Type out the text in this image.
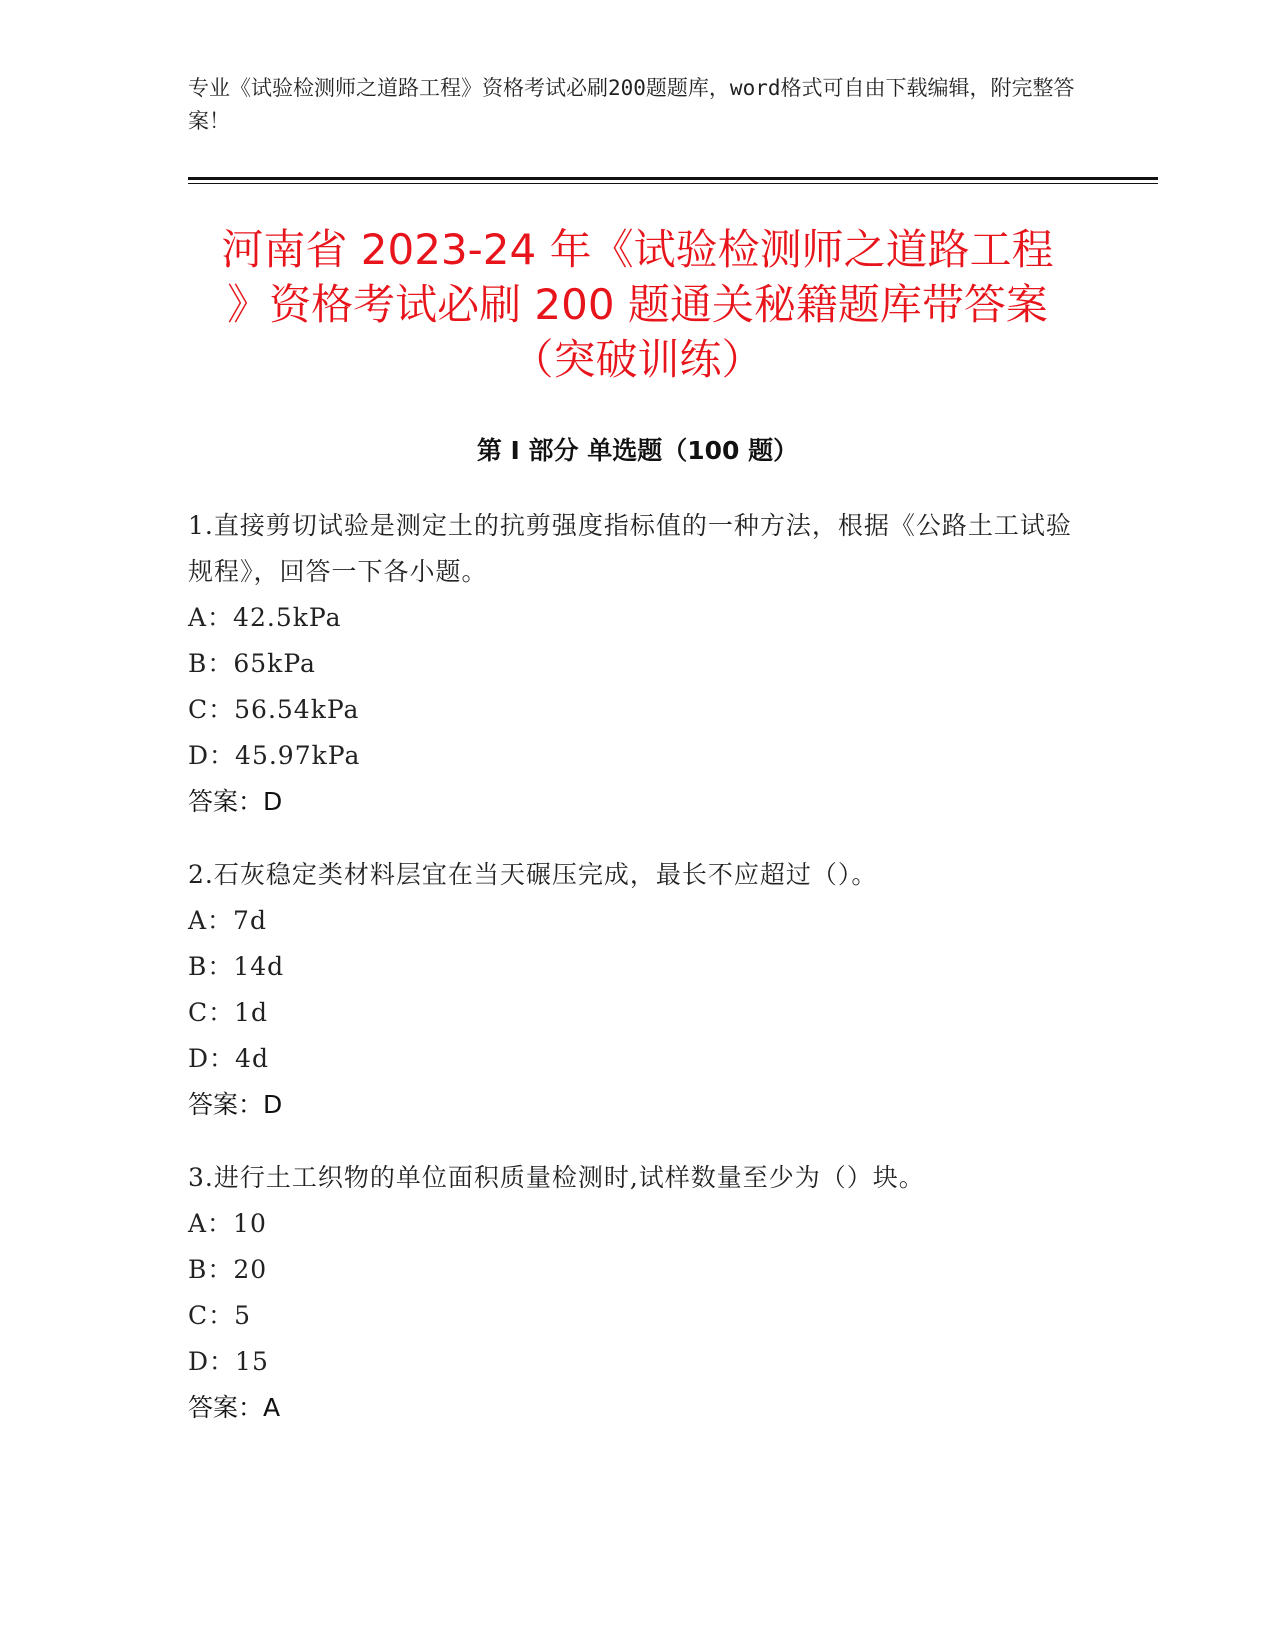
专业《试验检测师之道路工程》资格考试必刷200题题库，word格式可自由下载编辑，附完整答案！
河南省 2023-24 年《试验检测师之道路工程
》资格考试必刷 200 题通关秘籍题库带答案
（突破训练）
第 I 部分 单选题（100 题）

1.直接剪切试验是测定土的抗剪强度指标值的一种方法，根据《公路土工试验规程》，回答一下各小题。

A：42.5kPa

B：65kPa

C：56.54kPa

D：45.97kPa

答案：D

2.石灰稳定类材料层宜在当天碾压完成，最长不应超过（）。

A：7d

B：14d

C：1d

D：4d

答案：D

3.进行土工织物的单位面积质量检测时,试样数量至少为（）块。

A：10

B：20

C：5

D：15

答案：A
